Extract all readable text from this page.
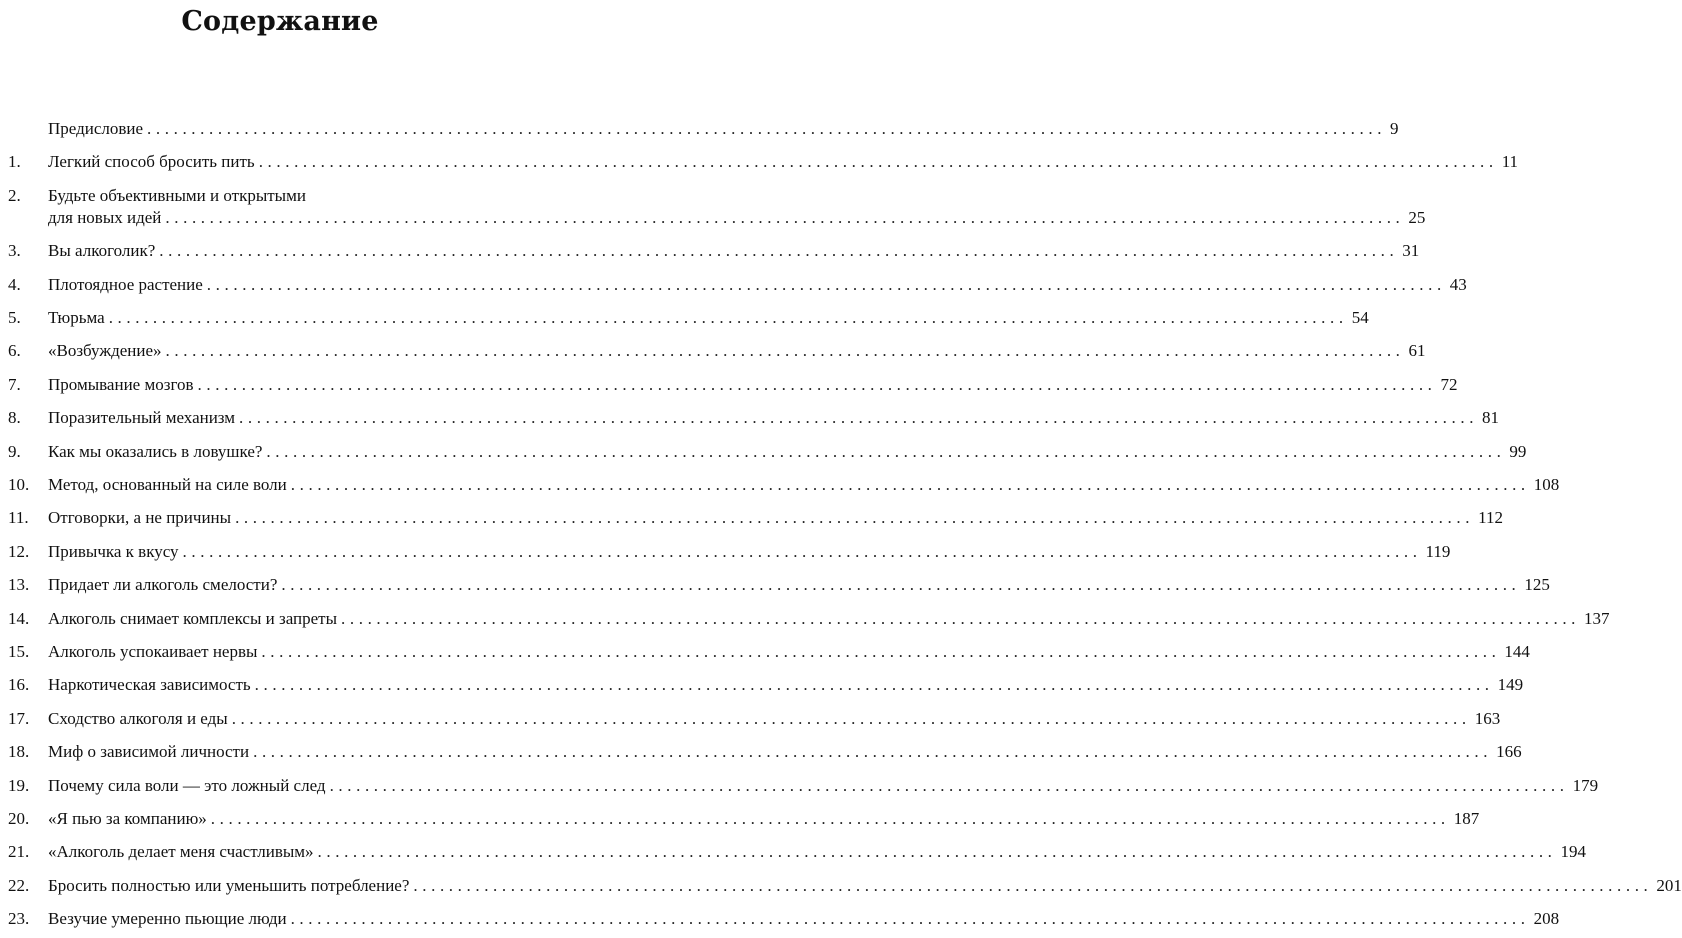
Содержание
Предисловие ............................................................................................................................................ 9
1.	Легкий способ бросить пить ............................................................................................................................................ 11
2.	Будьте объективными и открытыми
для новых идей ............................................................................................................................................ 25
3.	Вы алкоголик? ............................................................................................................................................ 31
4.	Плотоядное растение ............................................................................................................................................ 43
5.	Тюрьма ............................................................................................................................................ 54
6.	«Возбуждение» ............................................................................................................................................ 61
7.	Промывание мозгов ............................................................................................................................................ 72
8.	Поразительный механизм ............................................................................................................................................ 81
9.	Как мы оказались в ловушке? ............................................................................................................................................ 99
10.	Метод, основанный на силе воли ............................................................................................................................................ 108
11.	Отговорки, а не причины ............................................................................................................................................ 112
12.	Привычка к вкусу ............................................................................................................................................ 119
13.	Придает ли алкоголь смелости? ............................................................................................................................................ 125
14.	Алкоголь снимает комплексы и запреты ............................................................................................................................................ 137
15.	Алкоголь успокаивает нервы ............................................................................................................................................ 144
16.	Наркотическая зависимость ............................................................................................................................................ 149
17.	Сходство алкоголя и еды ............................................................................................................................................ 163
18.	Миф о зависимой личности ............................................................................................................................................ 166
19.	Почему сила воли — это ложный след ............................................................................................................................................ 179
20.	«Я пью за компанию» ............................................................................................................................................ 187
21.	«Алкоголь делает меня счастливым» ............................................................................................................................................ 194
22.	Бросить полностью или уменьшить потребление? ............................................................................................................................................ 201
23.	Везучие умеренно пьющие люди ............................................................................................................................................ 208
